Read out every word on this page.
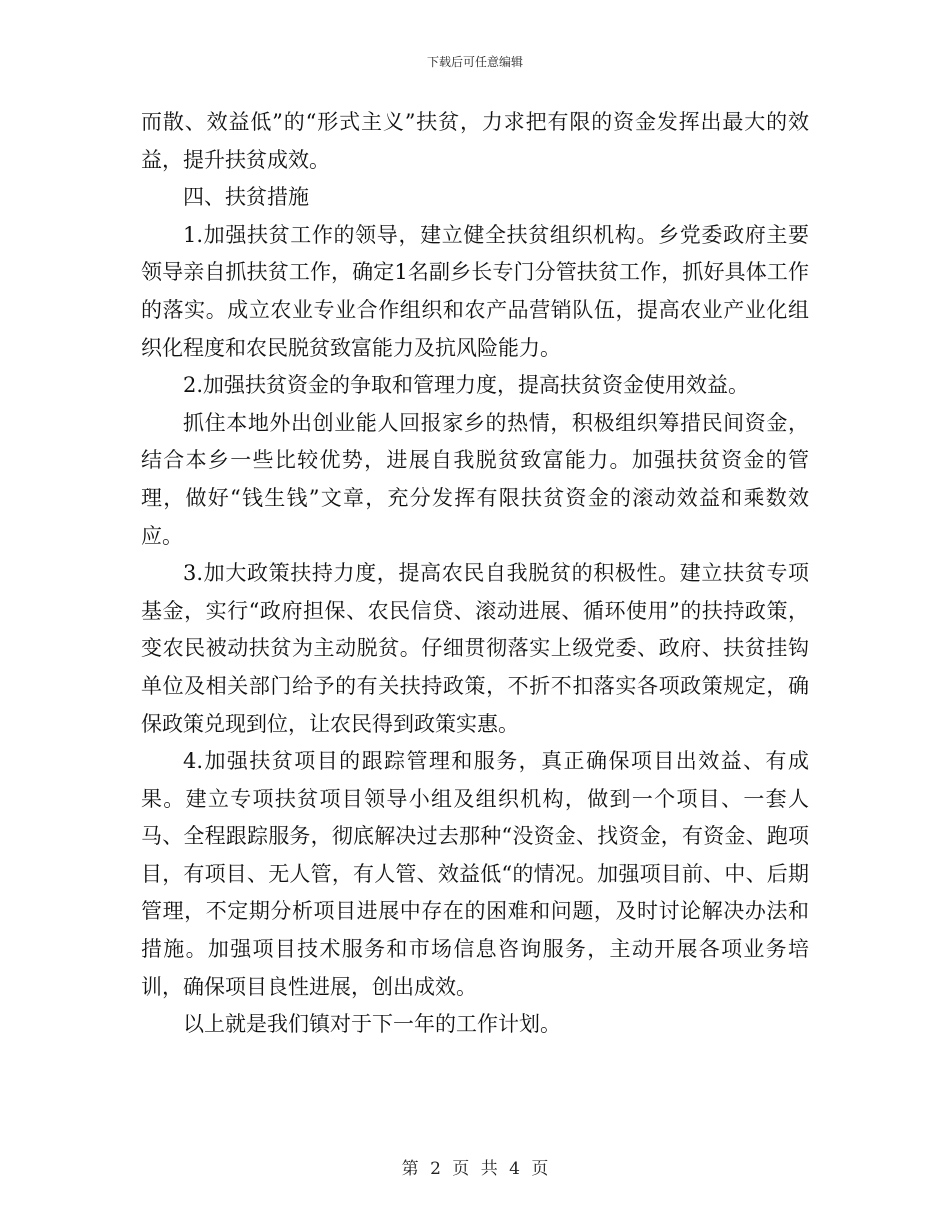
下载后可任意编辑

而散、效益低”的“形式主义”扶贫，力求把有限的资金发挥出最大的效益，提升扶贫成效。

四、扶贫措施

1.加强扶贫工作的领导，建立健全扶贫组织机构。乡党委政府主要领导亲自抓扶贫工作，确定1名副乡长专门分管扶贫工作，抓好具体工作的落实。成立农业专业合作组织和农产品营销队伍，提高农业产业化组织化程度和农民脱贫致富能力及抗风险能力。

2.加强扶贫资金的争取和管理力度，提高扶贫资金使用效益。

抓住本地外出创业能人回报家乡的热情，积极组织筹措民间资金，结合本乡一些比较优势，进展自我脱贫致富能力。加强扶贫资金的管理，做好“钱生钱”文章，充分发挥有限扶贫资金的滚动效益和乘数效应。

3.加大政策扶持力度，提高农民自我脱贫的积极性。建立扶贫专项基金，实行“政府担保、农民信贷、滚动进展、循环使用”的扶持政策，变农民被动扶贫为主动脱贫。仔细贯彻落实上级党委、政府、扶贫挂钩单位及相关部门给予的有关扶持政策，不折不扣落实各项政策规定，确保政策兑现到位，让农民得到政策实惠。

4.加强扶贫项目的跟踪管理和服务，真正确保项目出效益、有成果。建立专项扶贫项目领导小组及组织机构，做到一个项目、一套人马、全程跟踪服务，彻底解决过去那种“没资金、找资金，有资金、跑项目，有项目、无人管，有人管、效益低“的情况。加强项目前、中、后期管理，不定期分析项目进展中存在的困难和问题，及时讨论解决办法和措施。加强项目技术服务和市场信息咨询服务，主动开展各项业务培训，确保项目良性进展，创出成效。

以上就是我们镇对于下一年的工作计划。

第 2 页 共 4 页
